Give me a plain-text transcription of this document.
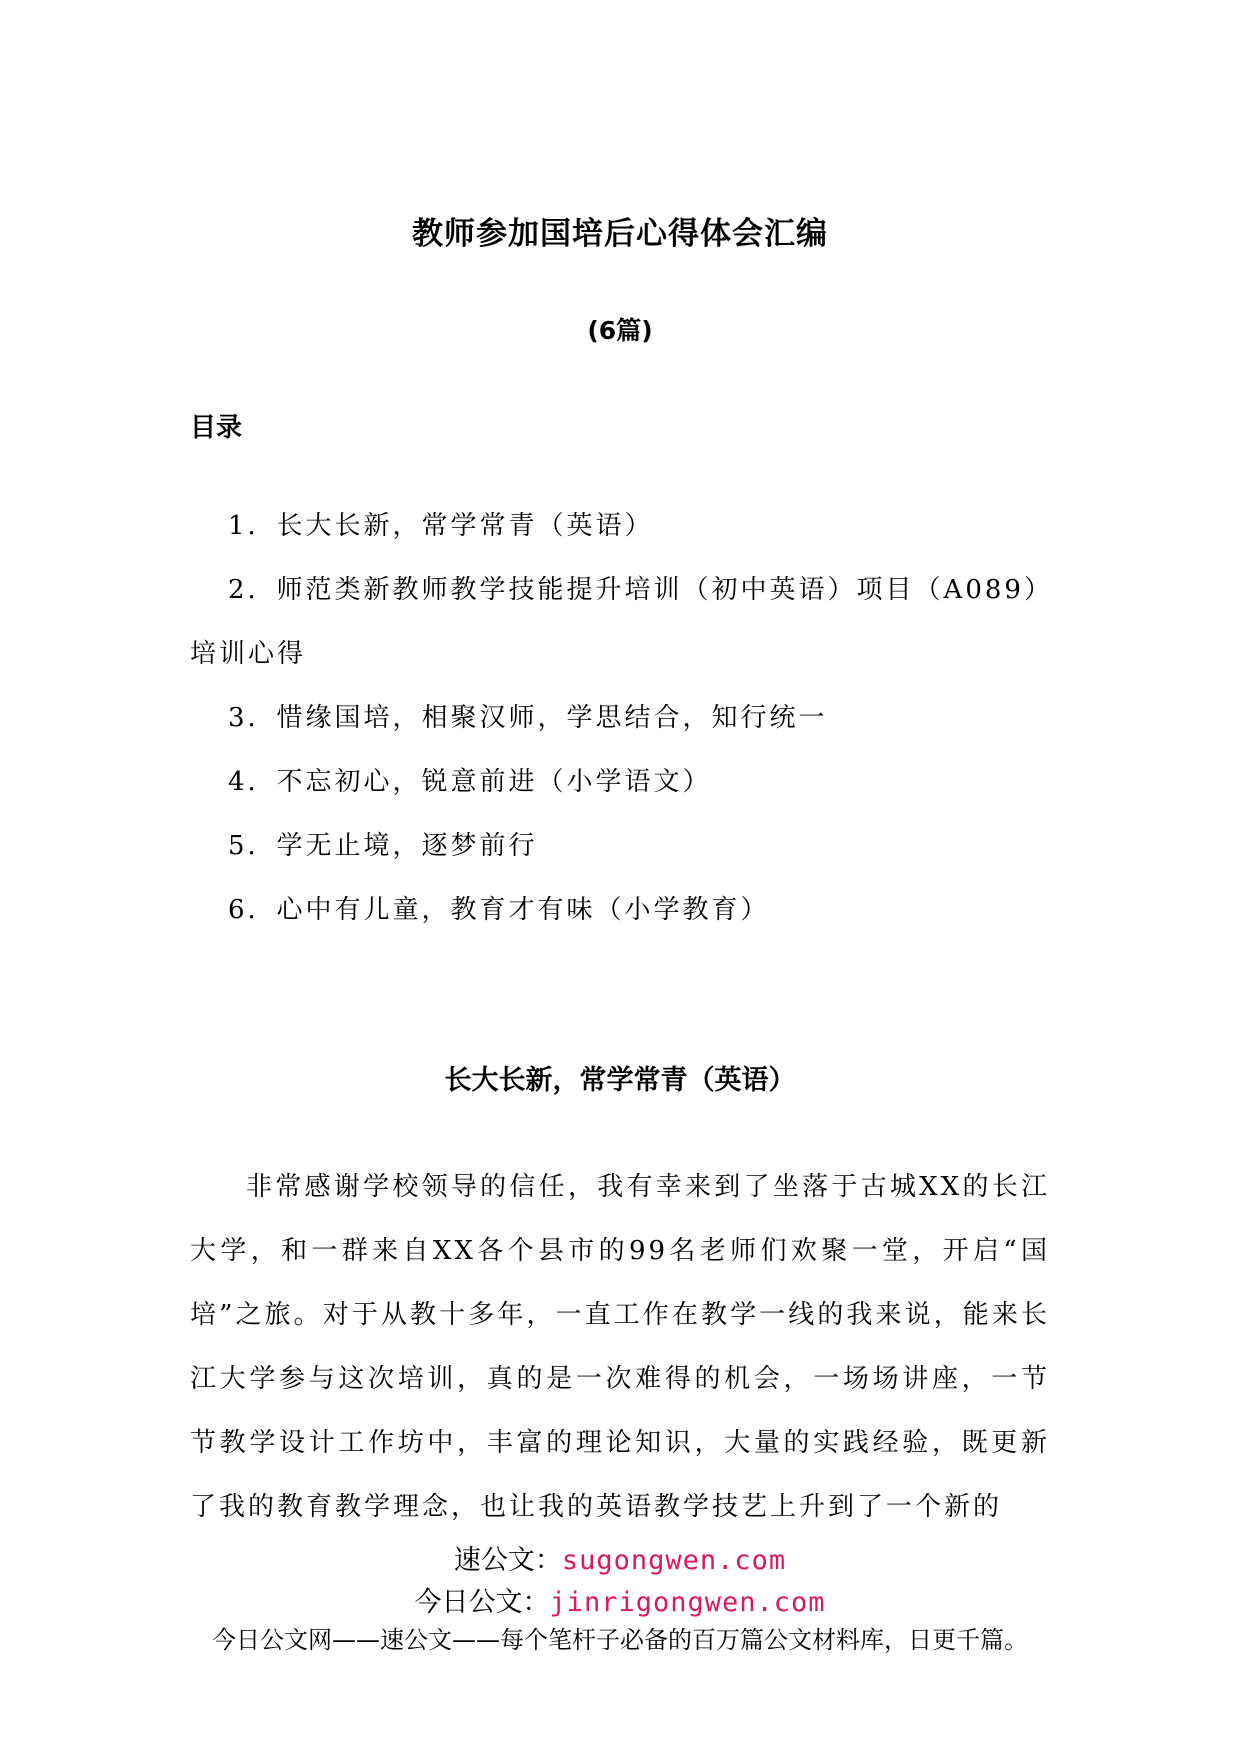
教师参加国培后心得体会汇编
(6篇)
目录
1．长大长新，常学常青（英语）
2．师范类新教师教学技能提升培训（初中英语）项目（A089）培训心得
3．惜缘国培，相聚汉师，学思结合，知行统一
4．不忘初心，锐意前进（小学语文）
5．学无止境，逐梦前行
6．心中有儿童，教育才有味（小学教育）
长大长新，常学常青（英语）

非常感谢学校领导的信任，我有幸来到了坐落于古城XX的长江大学，和一群来自XX各个县市的99名老师们欢聚一堂，开启“国培”之旅。对于从教十多年，一直工作在教学一线的我来说，能来长江大学参与这次培训，真的是一次难得的机会，一场场讲座，一节节教学设计工作坊中，丰富的理论知识，大量的实践经验，既更新了我的教育教学理念，也让我的英语教学技艺上升到了一个新的

速公文：sugongwen.com
今日公文：jinrigongwen.com
今日公文网——速公文——每个笔杆子必备的百万篇公文材料库，日更千篇。
